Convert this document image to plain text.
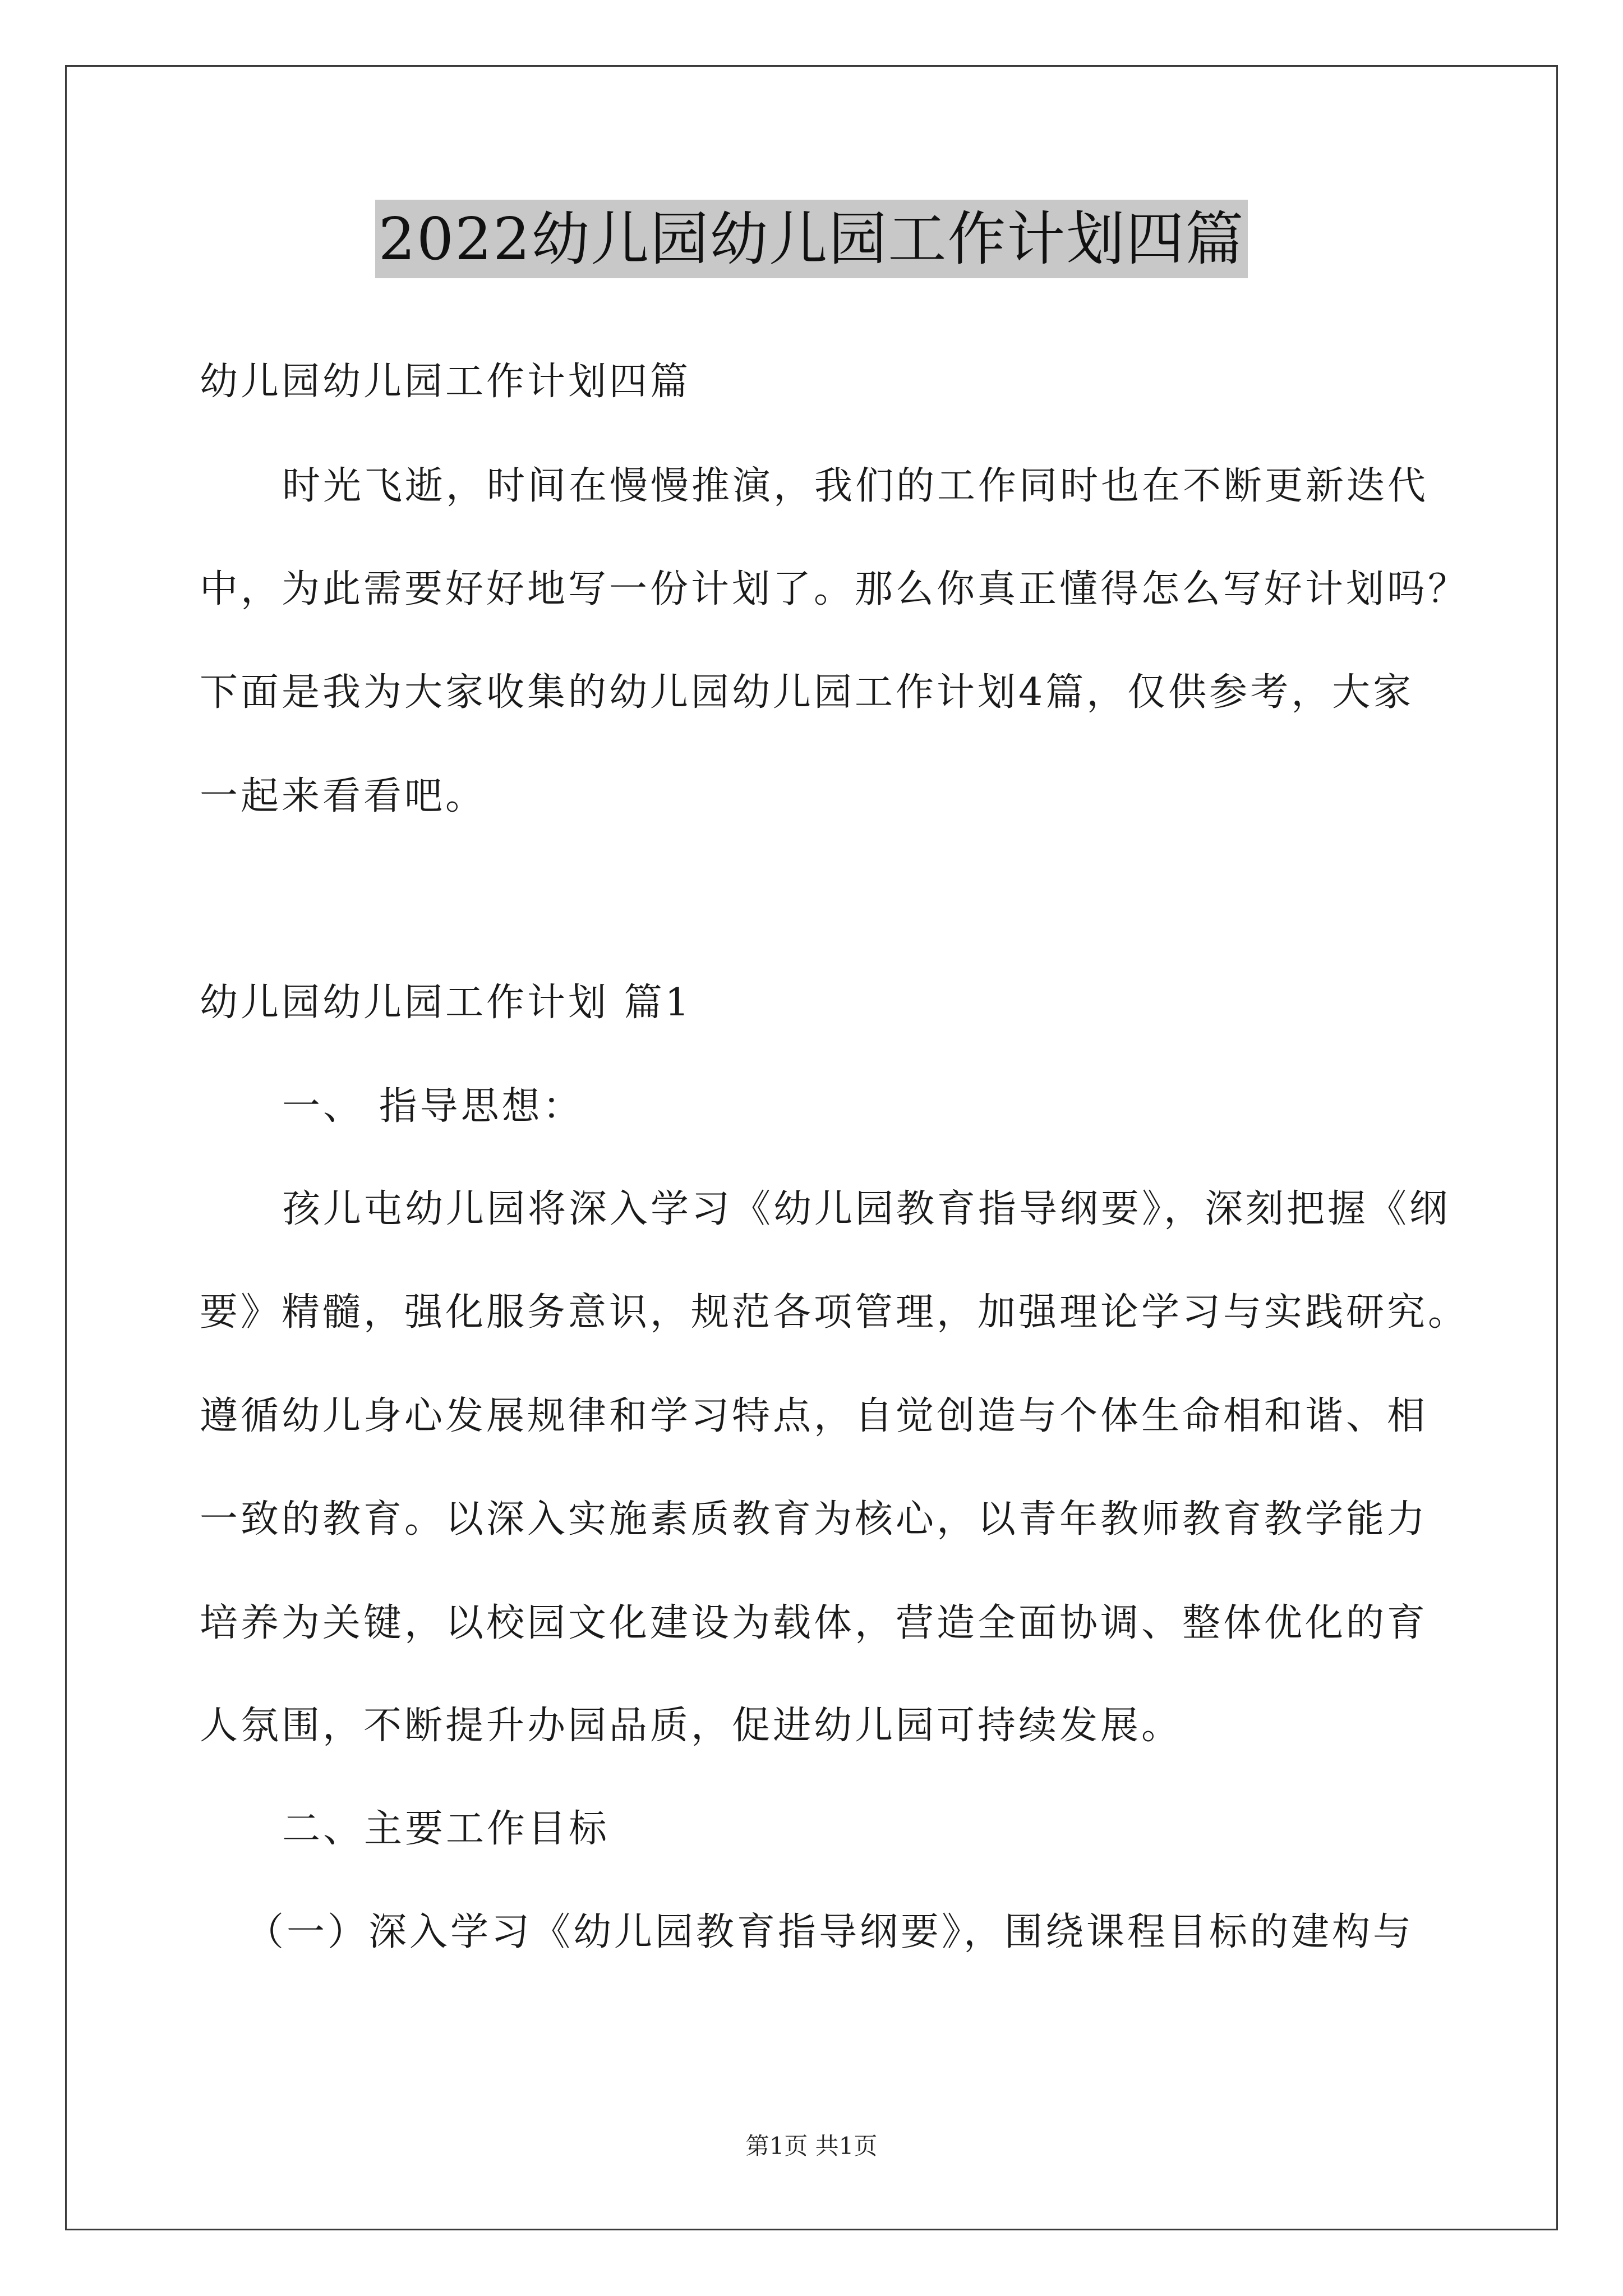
2022幼儿园幼儿园工作计划四篇
幼儿园幼儿园工作计划四篇
时光飞逝，时间在慢慢推演，我们的工作同时也在不断更新迭代
中，为此需要好好地写一份计划了。那么你真正懂得怎么写好计划吗？
下面是我为大家收集的幼儿园幼儿园工作计划4篇，仅供参考，大家
一起来看看吧。
幼儿园幼儿园工作计划 篇1
一、 指导思想：
孩儿屯幼儿园将深入学习《幼儿园教育指导纲要》，深刻把握《纲
要》精髓，强化服务意识，规范各项管理，加强理论学习与实践研究。
遵循幼儿身心发展规律和学习特点，自觉创造与个体生命相和谐、相
一致的教育。以深入实施素质教育为核心，以青年教师教育教学能力
培养为关键，以校园文化建设为载体，营造全面协调、整体优化的育
人氛围，不断提升办园品质，促进幼儿园可持续发展。
二、主要工作目标
（一）深入学习《幼儿园教育指导纲要》，围绕课程目标的建构与
第1页 共1页
